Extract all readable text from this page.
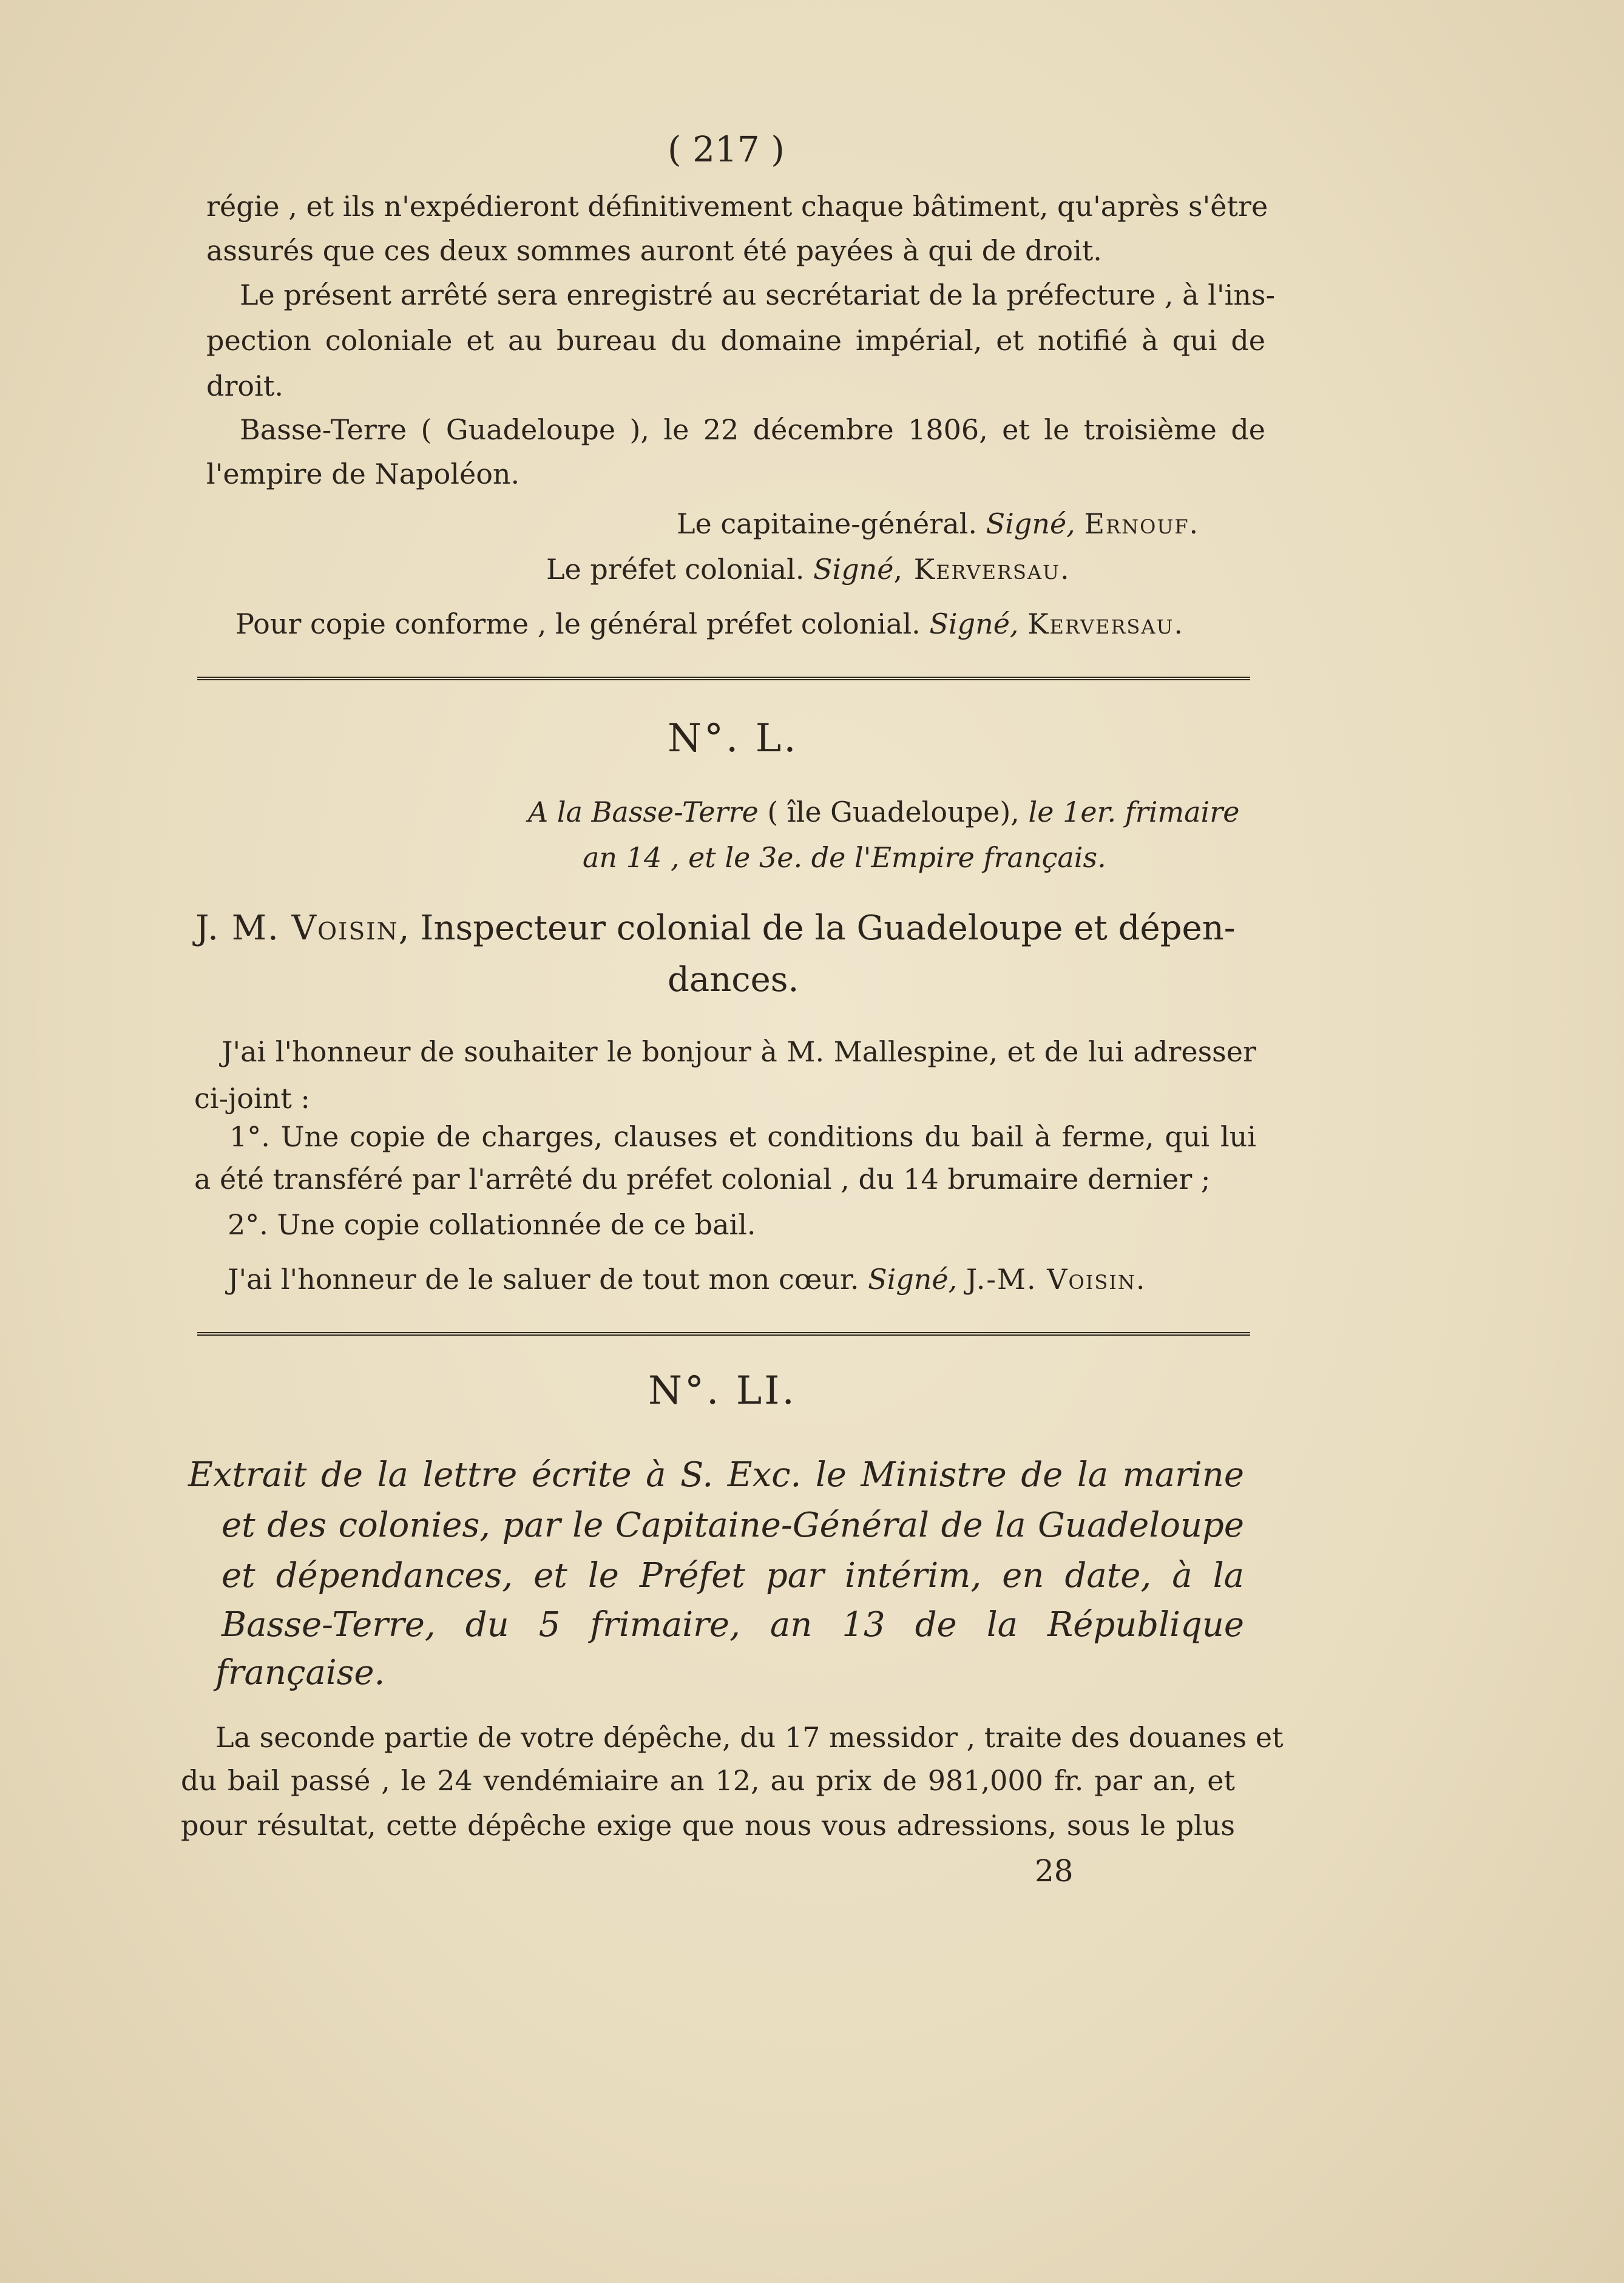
( 217 )
régie , et ils n'expédieront définitivement chaque bâtiment, qu'après s'être
assurés que ces deux sommes auront été payées à qui de droit.
Le présent arrêté sera enregistré au secrétariat de la préfecture , à l'ins-
pection coloniale et au bureau du domaine impérial, et notifié à qui de
droit.
Basse-Terre ( Guadeloupe ), le 22 décembre 1806, et le troisième de
l'empire de Napoléon.
Le capitaine-général. Signé, Ernouf.
Le préfet colonial. Signé, Kerversau.
Pour copie conforme , le général préfet colonial. Signé, Kerversau.
N°. L.
A la Basse-Terre ( île Guadeloupe), le 1er. frimaire
an 14 , et le 3e. de l'Empire français.
J. M. Voisin, Inspecteur colonial de la Guadeloupe et dépen-
dances.
J'ai l'honneur de souhaiter le bonjour à M. Mallespine, et de lui adresser
ci-joint :
1°. Une copie de charges, clauses et conditions du bail à ferme, qui lui
a été transféré par l'arrêté du préfet colonial , du 14 brumaire dernier ;
2°. Une copie collationnée de ce bail.
J'ai l'honneur de le saluer de tout mon cœur. Signé, J.-M. Voisin.
N°. LI.
Extrait de la lettre écrite à S. Exc. le Ministre de la marine
et des colonies, par le Capitaine-Général de la Guadeloupe
et dépendances, et le Préfet par intérim, en date, à la
Basse-Terre, du 5 frimaire, an 13 de la République
française.
La seconde partie de votre dépêche, du 17 messidor , traite des douanes et
du bail passé , le 24 vendémiaire an 12, au prix de 981,000 fr. par an, et
pour résultat, cette dépêche exige que nous vous adressions, sous le plus
28
